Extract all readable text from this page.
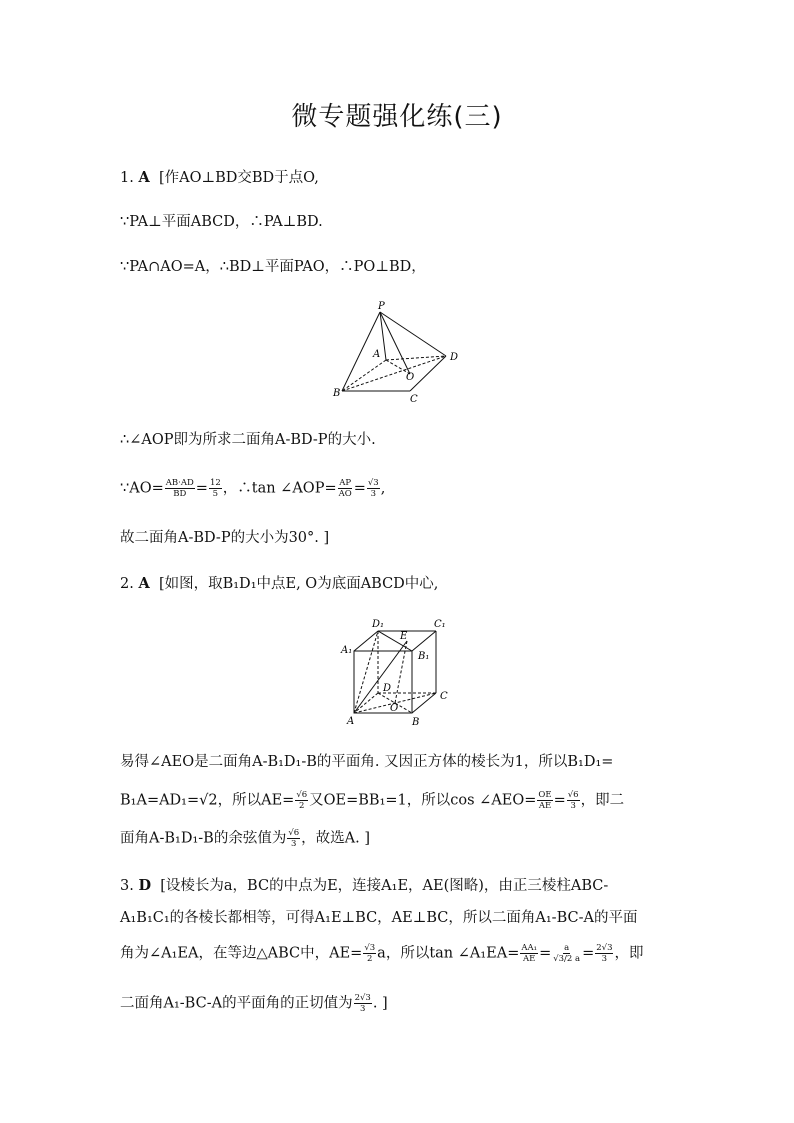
微专题强化练(三)
1. A [作AO⊥BD交BD于点O,
∵PA⊥平面ABCD，∴PA⊥BD.
∵PA∩AO=A，∴BD⊥平面PAO，∴PO⊥BD，
P
A	D
O
B
C
∴∠AOP即为所求二面角A-BD-P的大小.
∵AO= $\frac{AB\cdot AD}{BD} = \frac{12}{5}$ ，∴tan ∠AOP= $\frac{AP}{AO} = \frac{√3}{3}$ ,
故二面角A-BD-P的大小为30°. ]
2. A [如图，取B₁D₁中点E, O为底面ABCD中心,
D₁
E
C₁
A₁
B₁
D
C
O
A	B
易得∠AEO是二面角A-B₁D₁-B的平面角. 又因正方体的棱长为1，所以B₁D₁=
B₁A=AD₁=√2，所以$AE= \frac{√6}{2}$ 又OE=BB₁=1，所以cos ∠AEO= $\frac{OE}{AE} = \frac{√6}{3}$ ，即二
面角A-B₁D₁-B的余弦值为 $\frac{√6}{3}$ ，故选A. ]
3. D [设棱长为a，BC的中点为E，连接A₁E，AE(图略)，由正三棱柱ABC-
A₁B₁C₁的各棱长都相等，可得A₁E⊥BC，AE⊥BC，所以二面角A₁-BC-A的平面
角为∠A₁EA，在等边△ABC中，$AE= \frac{√3}{2}$ a，所以tan ∠A₁EA= $\frac{\text{AA₁}}{AE} = \frac{a}{√3/2 a} = \frac{2√3}{3}$ ，即
二面角A₁-BC-A的平面角的正切值为 $\frac{2√3}{3}$ . ]
